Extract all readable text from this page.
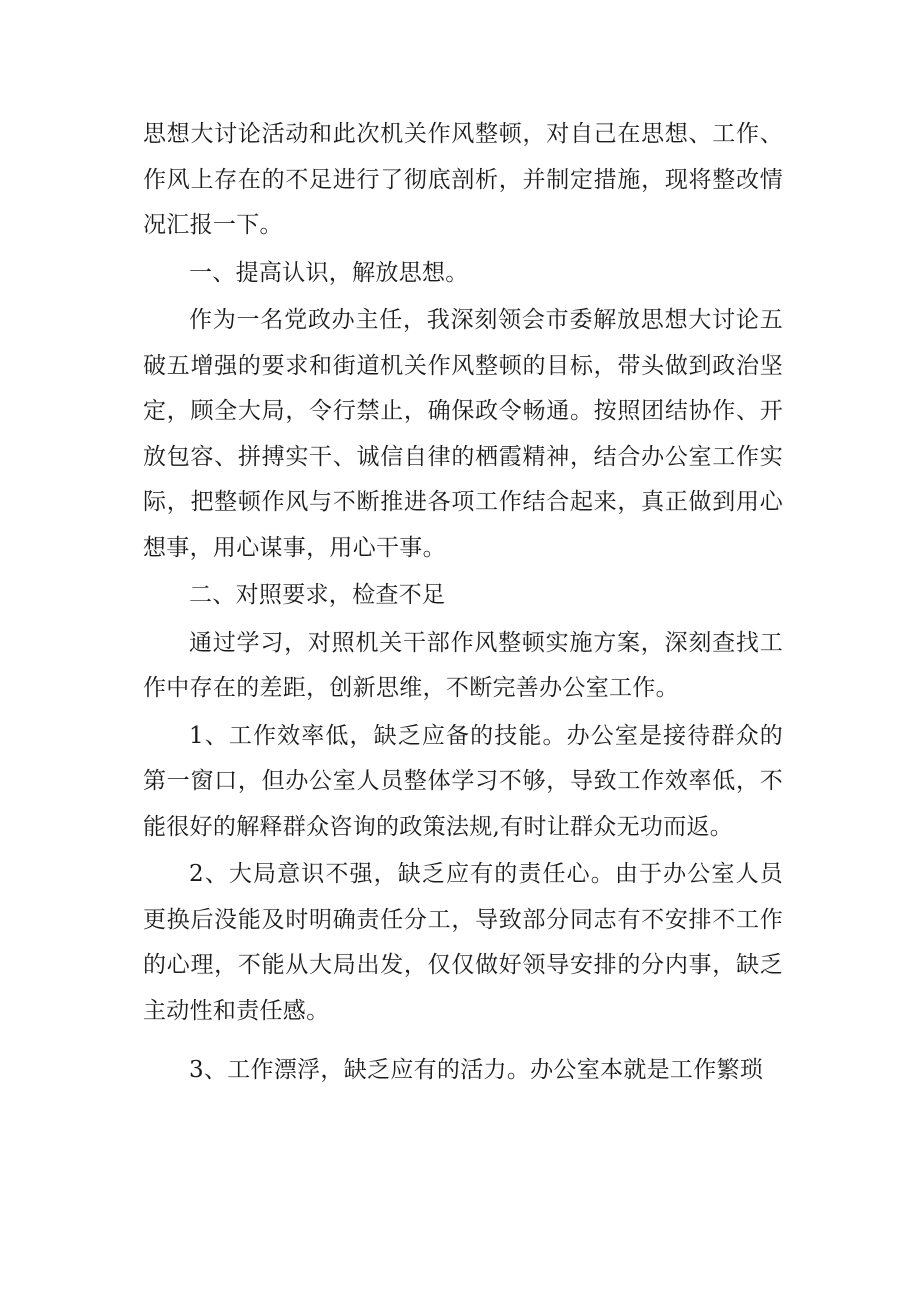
思想大讨论活动和此次机关作风整顿，对自己在思想、工作、作风上存在的不足进行了彻底剖析，并制定措施，现将整改情况汇报一下。

一、提高认识，解放思想。

作为一名党政办主任，我深刻领会市委解放思想大讨论五破五增强的要求和街道机关作风整顿的目标，带头做到政治坚定，顾全大局，令行禁止，确保政令畅通。按照团结协作、开放包容、拼搏实干、诚信自律的栖霞精神，结合办公室工作实际，把整顿作风与不断推进各项工作结合起来，真正做到用心想事，用心谋事，用心干事。

二、对照要求，检查不足

通过学习，对照机关干部作风整顿实施方案，深刻查找工作中存在的差距，创新思维，不断完善办公室工作。

1、工作效率低，缺乏应备的技能。办公室是接待群众的第一窗口，但办公室人员整体学习不够，导致工作效率低，不能很好的解释群众咨询的政策法规,有时让群众无功而返。

2、大局意识不强，缺乏应有的责任心。由于办公室人员更换后没能及时明确责任分工，导致部分同志有不安排不工作的心理，不能从大局出发，仅仅做好领导安排的分内事，缺乏主动性和责任感。

3、工作漂浮，缺乏应有的活力。办公室本就是工作繁琐
